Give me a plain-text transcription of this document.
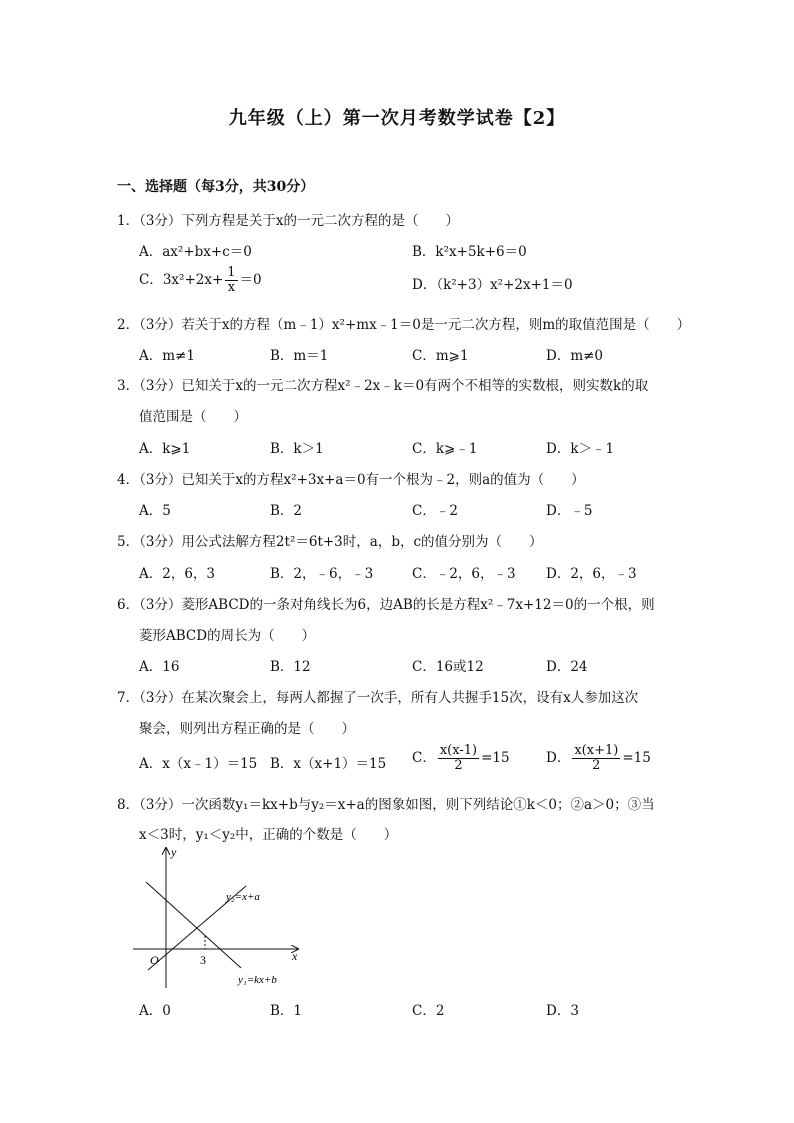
九年级（上）第一次月考数学试卷【2】
一、选择题（每3分，共30分）
1．（3分）下列方程是关于x的一元二次方程的是（　　）
A．ax²+bx+c＝0	B．k²x+5k+6＝0
C．$3x^2+2x+ \frac{1}{x} =0$	D．（k²+3）x²+2x+1＝0
2．（3分）若关于x的方程（m﹣1）x²+mx﹣1＝0是一元二次方程，则m的取值范围是（　　）
A．m≠1	B．m＝1	C．m⩾1	D．m≠0
3．（3分）已知关于x的一元二次方程x²﹣2x﹣k＝0有两个不相等的实数根，则实数k的取
值范围是（　　）
A．k⩾1	B．k＞1	C．k⩾﹣1	D．k＞﹣1
4．（3分）已知关于x的方程x²+3x+a＝0有一个根为﹣2，则a的值为（　　）
A．5	B．2	C．﹣2	D．﹣5
5．（3分）用公式法解方程2t²＝6t+3时，a，b，c的值分别为（　　）
A．2，6，3	B．2，﹣6，﹣3	C．﹣2，6，﹣3 D．2，6，﹣3
6．（3分）菱形ABCD的一条对角线长为6，边AB的长是方程x²﹣7x+12＝0的一个根，则
菱形ABCD的周长为（　　）
A．16	B．12	C．16或12	D．24
7．（3分）在某次聚会上，每两人都握了一次手，所有人共握手15次，设有x人参加这次
聚会，则列出方程正确的是（　　）
A．x（x﹣1）＝15 B．x（x+1）＝15 C． $\frac{x(x-1)}{2} =15$	D． $\frac{x(x+1)}{2} =15$
8．（3分）一次函数y₁＝kx+b与y₂＝x+a的图象如图，则下列结论①k＜0；②a＞0；③当
x＜3时，y₁＜y₂中，正确的个数是（　　）
y
x
O	3
y₂=x+a
y₁=kx+b
A．0	B．1	C．2	D．3
